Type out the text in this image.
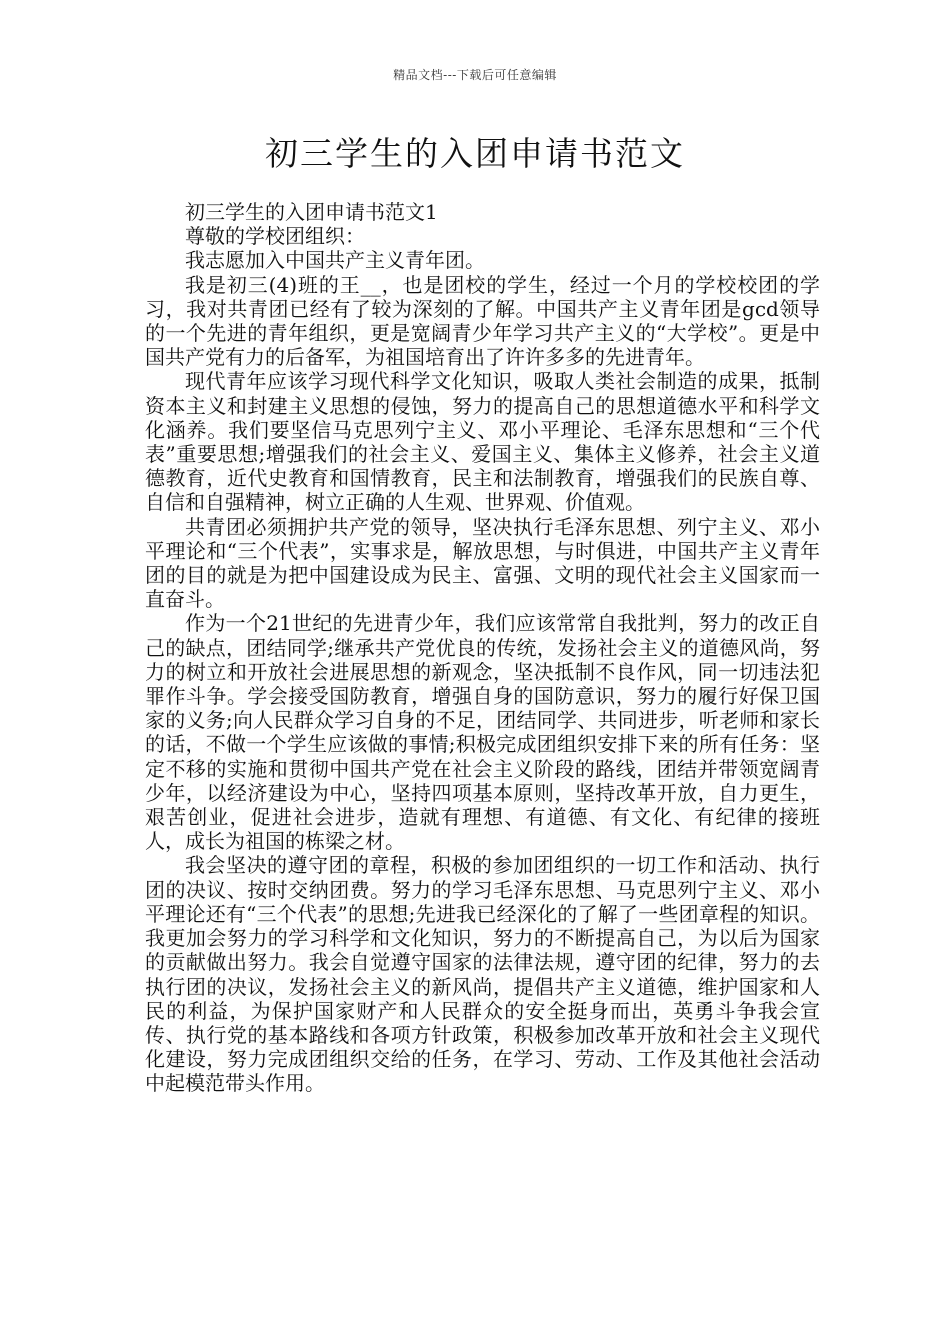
精品文档---下载后可任意编辑
初三学生的入团申请书范文

初三学生的入团申请书范文1

尊敬的学校团组织：

我志愿加入中国共产主义青年团。

我是初三(4)班的王__，也是团校的学生，经过一个月的学校校团的学习，我对共青团已经有了较为深刻的了解。中国共产主义青年团是gcd领导的一个先进的青年组织，更是宽阔青少年学习共产主义的“大学校”。更是中国共产党有力的后备军，为祖国培育出了许许多多的先进青年。

现代青年应该学习现代科学文化知识，吸取人类社会制造的成果，抵制资本主义和封建主义思想的侵蚀，努力的提高自己的思想道德水平和科学文化涵养。我们要坚信马克思列宁主义、邓小平理论、毛泽东思想和“三个代表”重要思想;增强我们的社会主义、爱国主义、集体主义修养，社会主义道德教育，近代史教育和国情教育，民主和法制教育，增强我们的民族自尊、自信和自强精神，树立正确的人生观、世界观、价值观。

共青团必须拥护共产党的领导，坚决执行毛泽东思想、列宁主义、邓小平理论和“三个代表”，实事求是，解放思想，与时俱进，中国共产主义青年团的目的就是为把中国建设成为民主、富强、文明的现代社会主义国家而一直奋斗。

作为一个21世纪的先进青少年，我们应该常常自我批判，努力的改正自己的缺点，团结同学;继承共产党优良的传统，发扬社会主义的道德风尚，努力的树立和开放社会进展思想的新观念，坚决抵制不良作风，同一切违法犯罪作斗争。学会接受国防教育，增强自身的国防意识，努力的履行好保卫国家的义务;向人民群众学习自身的不足，团结同学、共同进步，听老师和家长的话，不做一个学生应该做的事情;积极完成团组织安排下来的所有任务：坚定不移的实施和贯彻中国共产党在社会主义阶段的路线，团结并带领宽阔青少年，以经济建设为中心，坚持四项基本原则，坚持改革开放，自力更生，艰苦创业，促进社会进步，造就有理想、有道德、有文化、有纪律的接班人，成长为祖国的栋梁之材。

我会坚决的遵守团的章程，积极的参加团组织的一切工作和活动、执行团的决议、按时交纳团费。努力的学习毛泽东思想、马克思列宁主义、邓小平理论还有“三个代表”的思想;先进我已经深化的了解了一些团章程的知识。我更加会努力的学习科学和文化知识，努力的不断提高自己，为以后为国家的贡献做出努力。我会自觉遵守国家的法律法规，遵守团的纪律，努力的去执行团的决议，发扬社会主义的新风尚，提倡共产主义道德，维护国家和人民的利益，为保护国家财产和人民群众的安全挺身而出，英勇斗争我会宣传、执行党的基本路线和各项方针政策，积极参加改革开放和社会主义现代化建设，努力完成团组织交给的任务，在学习、劳动、工作及其他社会活动中起模范带头作用。
